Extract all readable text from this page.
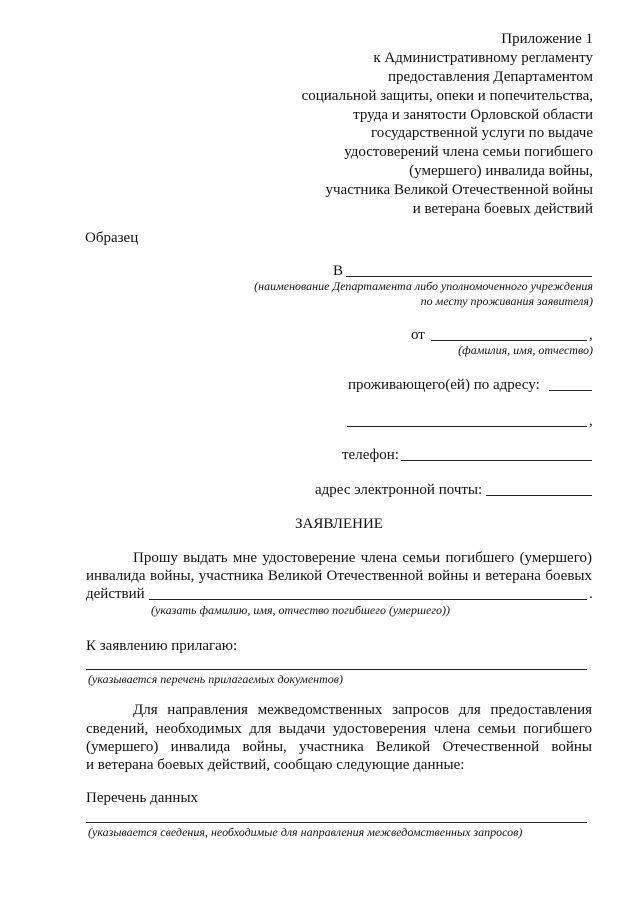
Приложение 1
к Административному регламенту
предоставления Департаментом
социальной защиты, опеки и попечительства,
труда и занятости Орловской области
государственной услуги по выдаче
удостоверений члена семьи погибшего
(умершего) инвалида войны,
участника Великой Отечественной войны
и ветерана боевых действий
Образец
В
(наименование Департамента либо уполномоченного учреждения
по месту проживания заявителя)
от	,
(фамилия, имя, отчество)
проживающего(ей) по адресу:
,
телефон:
адрес электронной почты:
ЗАЯВЛЕНИЕ
Прошу выдать мне удостоверение члена семьи погибшего (умершего)
инвалида войны, участника Великой Отечественной войны и ветерана боевых
действий	.
(указать фамилию, имя, отчество погибшего (умершего))
К заявлению прилагаю:
(указывается перечень прилагаемых документов)
Для направления межведомственных запросов для предоставления
сведений, необходимых для выдачи удостоверения члена семьи погибшего
(умершего) инвалида войны, участника Великой Отечественной войны
и ветерана боевых действий, сообщаю следующие данные:
Перечень данных
(указывается сведения, необходимые для направления межведомственных запросов)
